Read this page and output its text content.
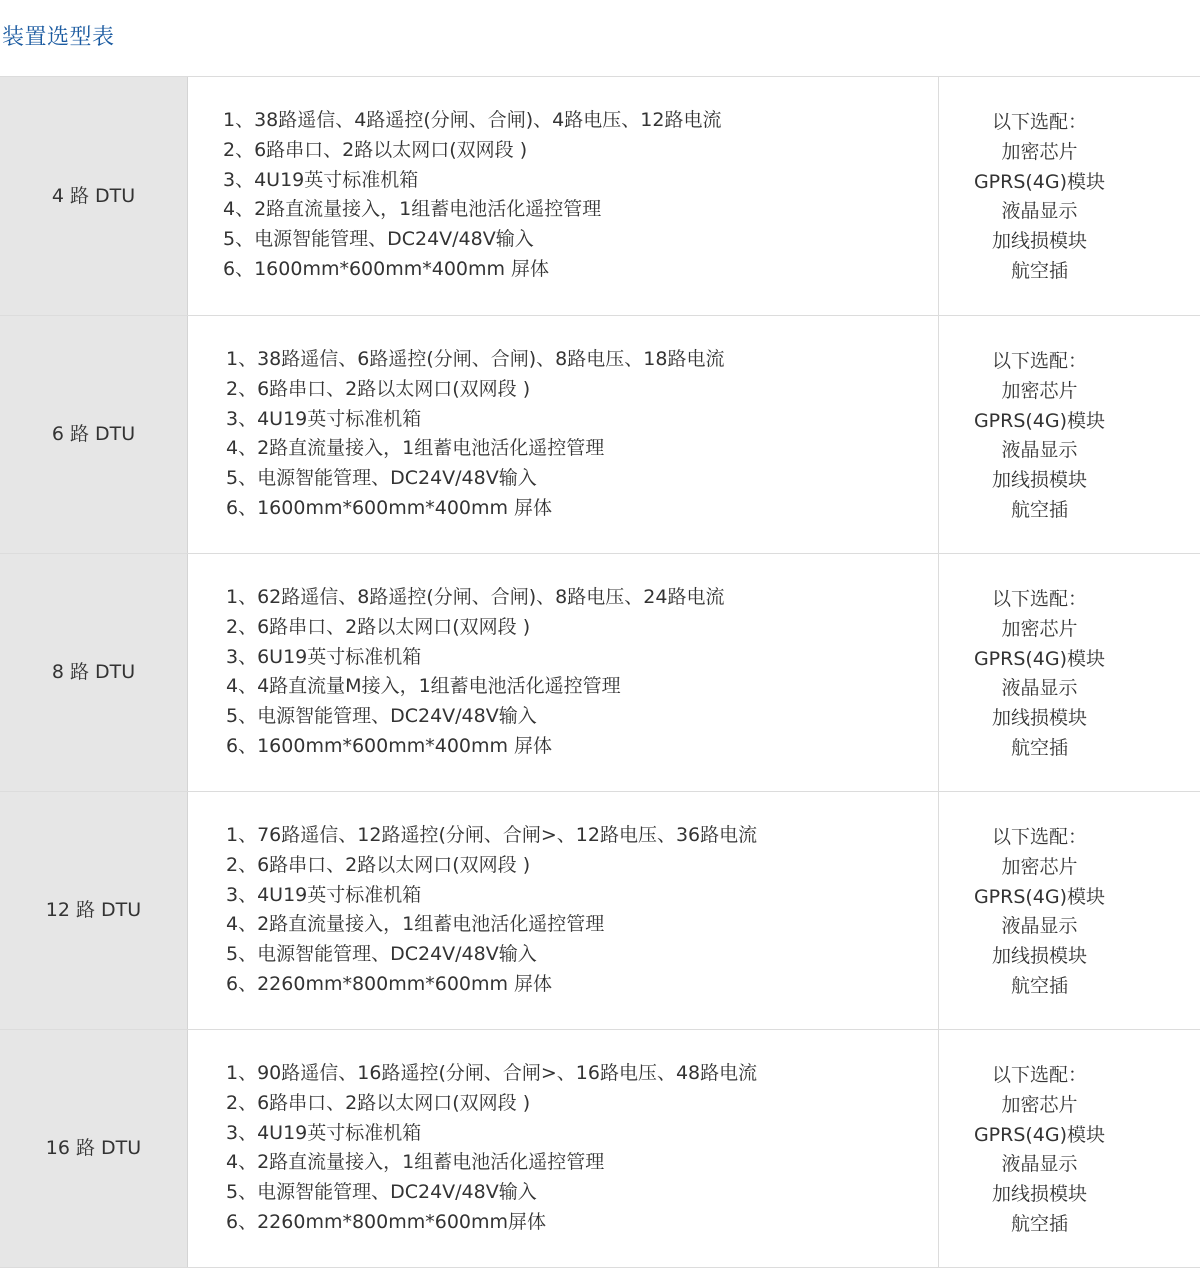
装置选型表
4 路 DTU
1、38路遥信、4路遥控(分闸、合闸)、4路电压、12路电流
2、6路串口、2路以太网口(双网段 )
3、4U19英寸标准机箱
4、2路直流量接入，1组蓄电池活化遥控管理
5、电源智能管理、DC24V/48V输入
6、1600mm*600mm*400mm 屏体
以下选配：
加密芯片
GPRS(4G)模块
液晶显示
加线损模块
航空插
6 路 DTU
1、38路遥信、6路遥控(分闸、合闸)、8路电压、18路电流
2、6路串口、2路以太网口(双网段 )
3、4U19英寸标准机箱
4、2路直流量接入，1组蓄电池活化遥控管理
5、电源智能管理、DC24V/48V输入
6、1600mm*600mm*400mm 屏体
以下选配：
加密芯片
GPRS(4G)模块
液晶显示
加线损模块
航空插
8 路 DTU
1、62路遥信、8路遥控(分闸、合闸)、8路电压、24路电流
2、6路串口、2路以太网口(双网段 )
3、6U19英寸标准机箱
4、4路直流量M接入，1组蓄电池活化遥控管理
5、电源智能管理、DC24V/48V输入
6、1600mm*600mm*400mm 屏体
以下选配：
加密芯片
GPRS(4G)模块
液晶显示
加线损模块
航空插
12 路 DTU
1、76路遥信、12路遥控(分闸、合闸>、12路电压、36路电流
2、6路串口、2路以太网口(双网段 )
3、4U19英寸标准机箱
4、2路直流量接入，1组蓄电池活化遥控管理
5、电源智能管理、DC24V/48V输入
6、2260mm*800mm*600mm 屏体
以下选配：
加密芯片
GPRS(4G)模块
液晶显示
加线损模块
航空插
16 路 DTU
1、90路遥信、16路遥控(分闸、合闸>、16路电压、48路电流
2、6路串口、2路以太网口(双网段 )
3、4U19英寸标准机箱
4、2路直流量接入，1组蓄电池活化遥控管理
5、电源智能管理、DC24V/48V输入
6、2260mm*800mm*600mm屏体
以下选配：
加密芯片
GPRS(4G)模块
液晶显示
加线损模块
航空插
